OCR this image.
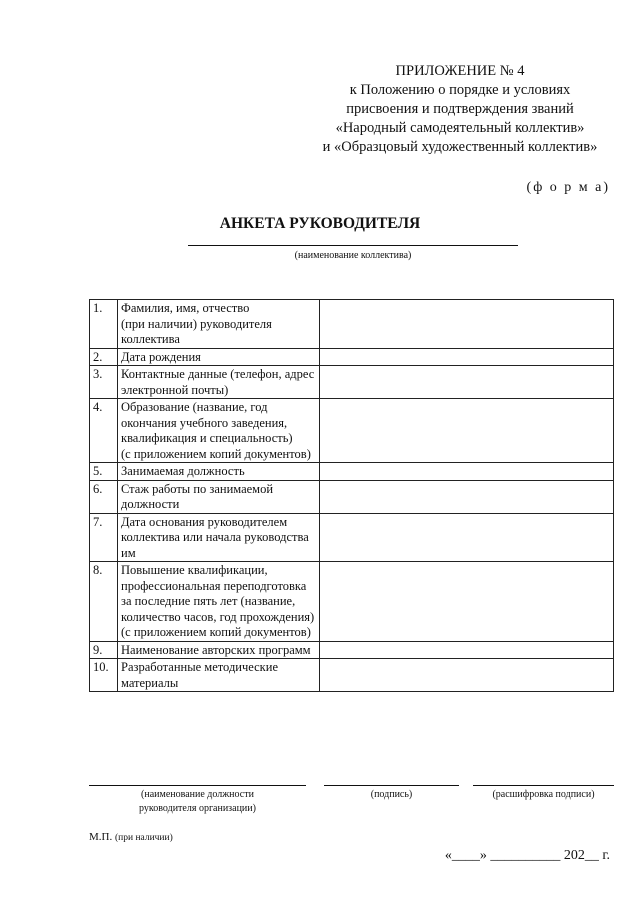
ПРИЛОЖЕНИЕ № 4
к Положению о порядке и условиях
присвоения и подтверждения званий
«Народный самодеятельный коллектив»
и «Образцовый художественный коллектив»
(ф о р м а)
АНКЕТА РУКОВОДИТЕЛЯ
(наименование коллектива)
1.	Фамилия, имя, отчество
(при наличии) руководителя коллектива	
2.	Дата рождения	
3.	Контактные данные (телефон, адрес электронной почты)	
4.	Образование (название, год окончания учебного заведения, квалификация и специальность)
(с приложением копий документов)	
5.	Занимаемая должность	
6.	Стаж работы по занимаемой должности	
7.	Дата основания руководителем коллектива или начала руководства им	
8.	Повышение квалификации, профессиональная переподготовка за последние пять лет (название, количество часов, год прохождения)
(с приложением копий документов)	
9.	Наименование авторских программ	
10.	Разработанные методические материалы	
(наименование должности
руководителя организации)
(подпись)	(расшифровка подписи)
М.П. (при наличии)
«____» __________ 202__ г.
